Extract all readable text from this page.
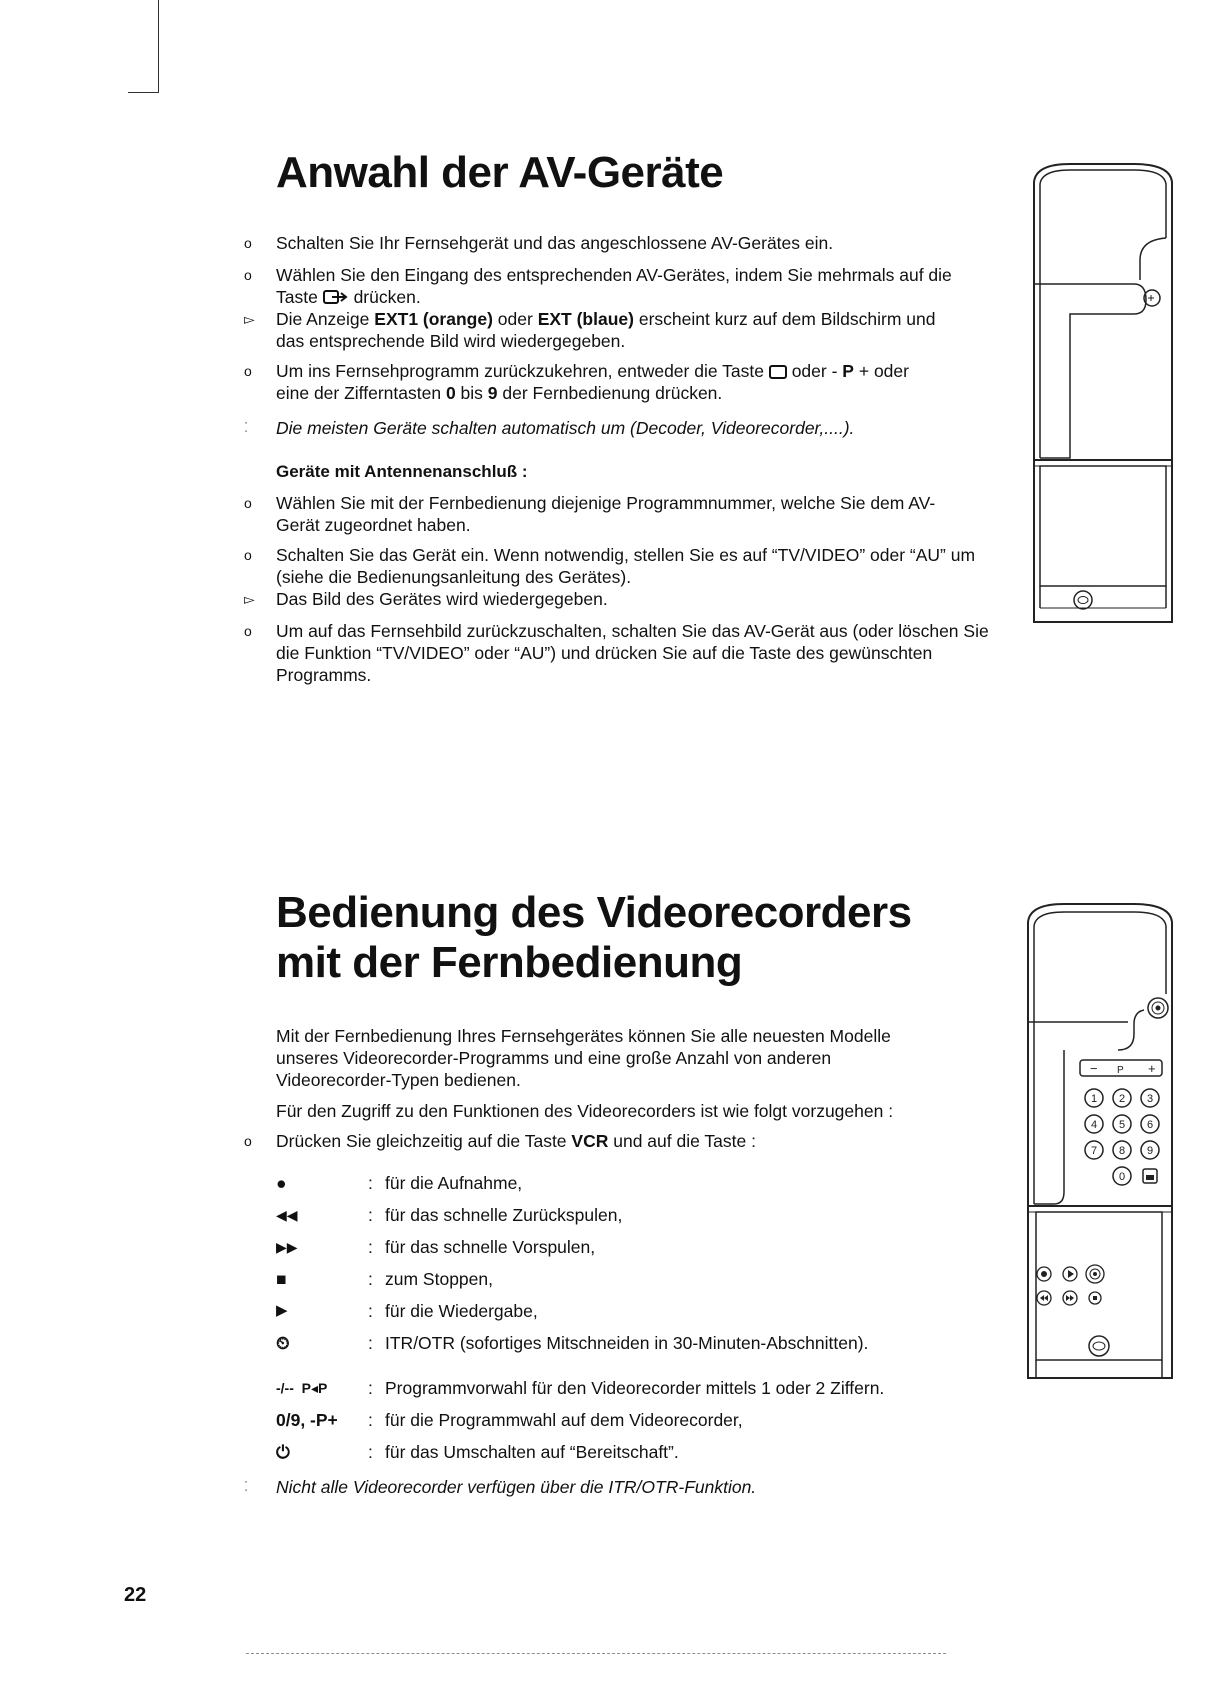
Anwahl der AV-Geräte
o	Schalten Sie Ihr Fernsehgerät und das angeschlossene AV-Gerätes ein.
o	Wählen Sie den Eingang des entsprechenden AV-Gerätes, indem Sie mehrmals auf die
Taste drücken.
▻	Die Anzeige EXT1 (orange) oder EXT (blaue) erscheint kurz auf dem Bildschirm und
das entsprechende Bild wird wiedergegeben.
o	Um ins Fernsehprogramm zurückzukehren, entweder die Taste oder - P + oder
eine der Zifferntasten 0 bis 9 der Fernbedienung drücken.
⁚	Die meisten Geräte schalten automatisch um (Decoder, Videorecorder,....).
Geräte mit Antennenanschluß :
o	Wählen Sie mit der Fernbedienung diejenige Programmnummer, welche Sie dem AV-Gerät zugeordnet haben.
o	Schalten Sie das Gerät ein. Wenn notwendig, stellen Sie es auf “TV/VIDEO” oder “AU” um (siehe die Bedienungsanleitung des Gerätes).
▻	Das Bild des Gerätes wird wiedergegeben.
o	Um auf das Fernsehbild zurückzuschalten, schalten Sie das AV-Gerät aus (oder löschen Sie die Funktion “TV/VIDEO” oder “AU”) und drücken Sie auf die Taste des gewünschten Programms.
Bedienung des Videorecorders
mit der Fernbedienung

Mit der Fernbedienung Ihres Fernsehgerätes können Sie alle neuesten Modelle unseres Videorecorder-Programms und eine große Anzahl von anderen Videorecorder-Typen bedienen.

Für den Zugriff zu den Funktionen des Videorecorders ist wie folgt vorzugehen :

o	Drücken Sie gleichzeitig auf die Taste VCR und auf die Taste :
●	: für die Aufnahme,
◀◀	: für das schnelle Zurückspulen,
▶▶	: für das schnelle Vorspulen,
■	: zum Stoppen,
▶	: für die Wiedergabe,
⏲	: ITR/OTR (sofortiges Mitschneiden in 30-Minuten-Abschnitten).
-/--  P◂P	: Programmvorwahl für den Videorecorder mittels 1 oder 2 Ziffern.
0/9, -P+	: für die Programmwahl auf dem Videorecorder,
⏻	: für das Umschalten auf “Bereitschaft”.
⁚	Nicht alle Videorecorder verfügen über die ITR/OTR-Funktion.
− P +
1 2 3
4 5 6
7 8 9
0
22
